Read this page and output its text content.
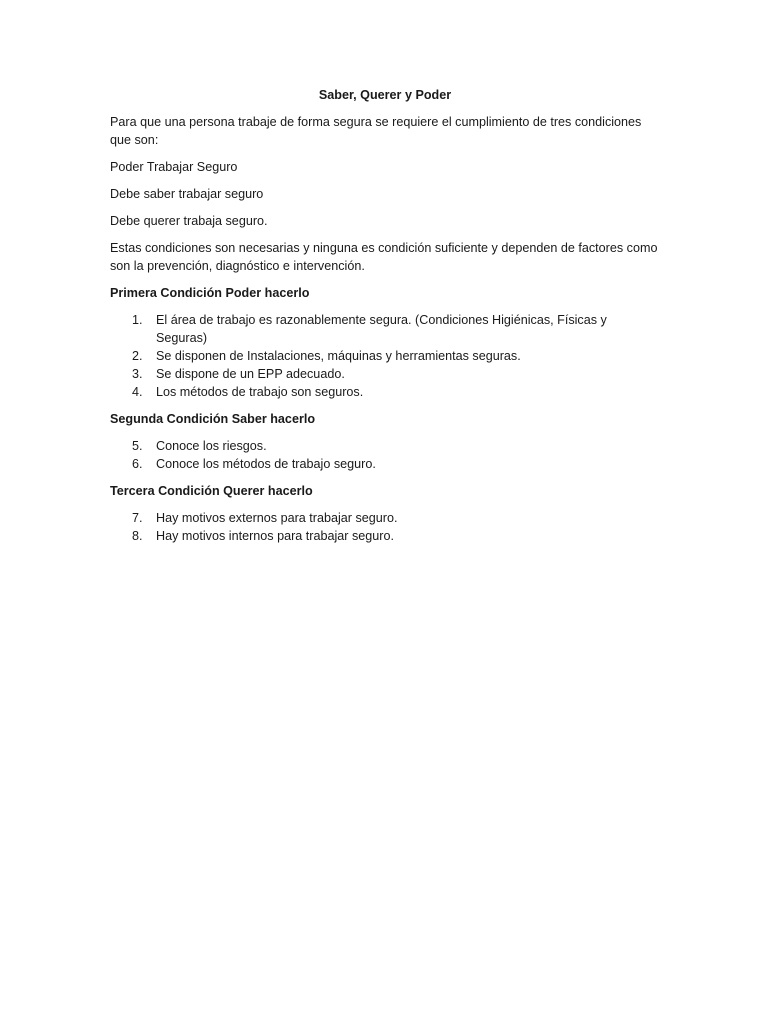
Saber, Querer y Poder
Para que una persona trabaje de forma segura se requiere el cumplimiento de tres condiciones que son:
Poder Trabajar Seguro
Debe saber trabajar seguro
Debe querer trabaja seguro.
Estas condiciones son necesarias y ninguna es condición suficiente y dependen de factores como son la prevención, diagnóstico e intervención.
Primera Condición Poder hacerlo
1.	El área de trabajo es razonablemente segura. (Condiciones Higiénicas, Físicas y Seguras)
2.	Se disponen de Instalaciones, máquinas y herramientas seguras.
3.	Se dispone de un EPP adecuado.
4.	Los métodos de trabajo son seguros.
Segunda Condición Saber hacerlo
5.	Conoce los riesgos.
6.	Conoce los métodos de trabajo seguro.
Tercera Condición Querer hacerlo
7.	Hay motivos externos para trabajar seguro.
8.	Hay motivos internos para trabajar seguro.
